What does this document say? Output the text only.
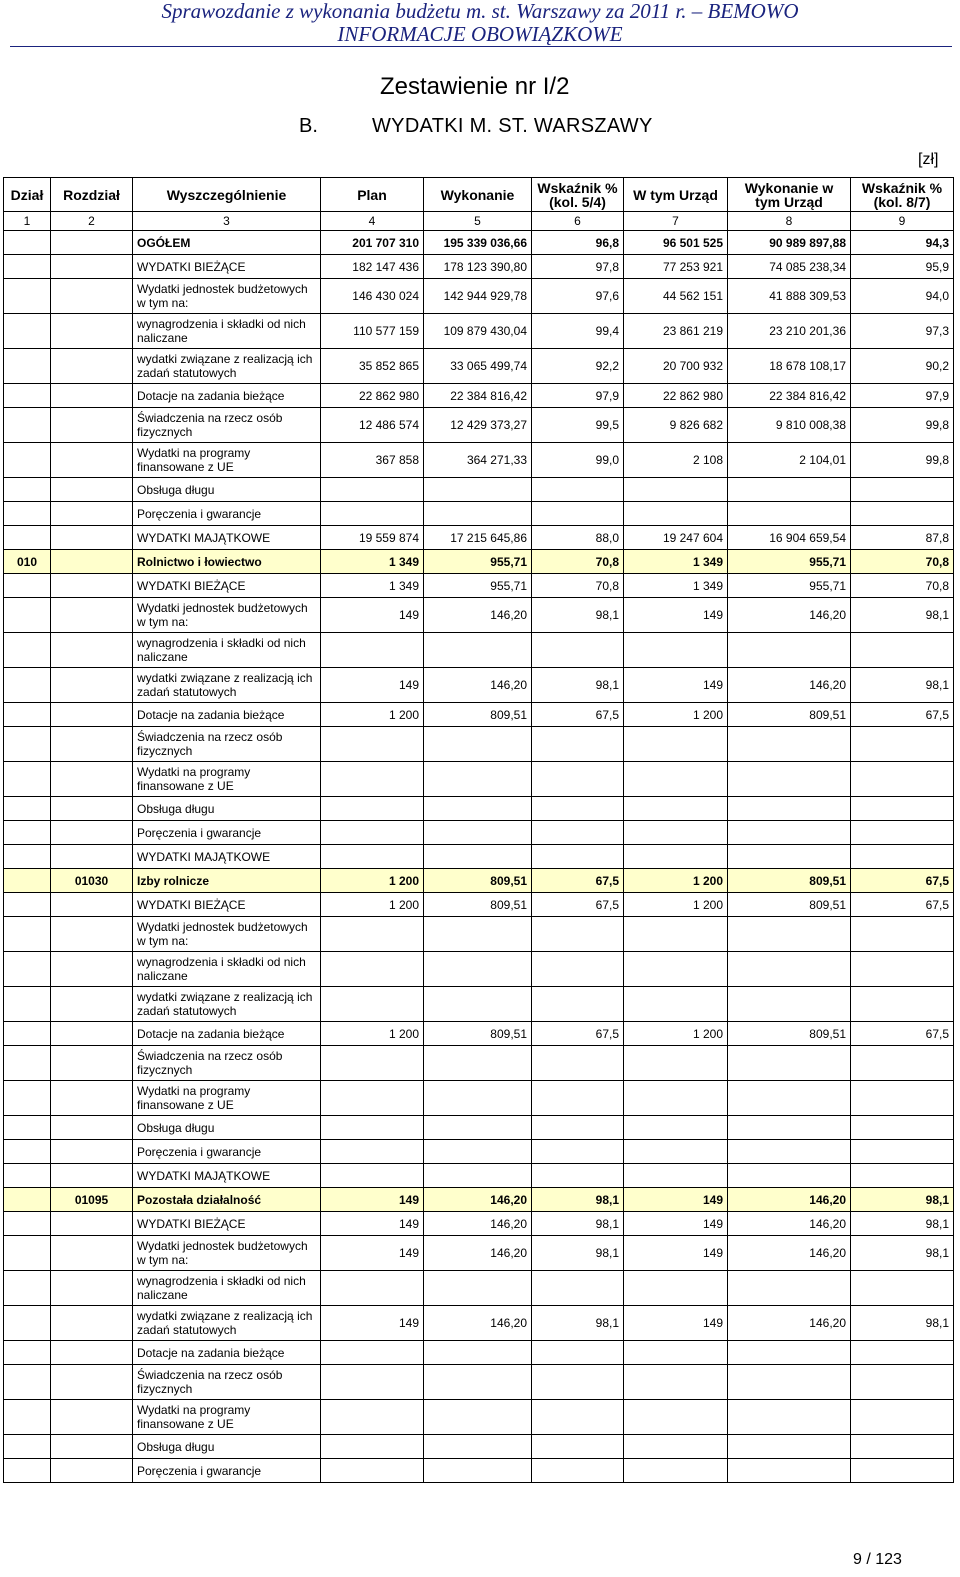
Sprawozdanie z wykonania budżetu m. st. Warszawy za 2011 r. – BEMOWO
INFORMACJE OBOWIĄZKOWE
Zestawienie nr I/2
B.	WYDATKI M. ST. WARSZAWY
[zł]
Dział	Rozdział	Wyszczególnienie	Plan	Wykonanie	Wskaźnik % (kol. 5/4)	W tym Urząd	Wykonanie w tym Urząd	Wskaźnik % (kol. 8/7)
1	2	3	4	5	6	7	8	9
		OGÓŁEM	201 707 310	195 339 036,66	96,8	96 501 525	90 989 897,88	94,3
		WYDATKI BIEŻĄCE	182 147 436	178 123 390,80	97,8	77 253 921	74 085 238,34	95,9
		Wydatki jednostek budżetowych w tym na:	146 430 024	142 944 929,78	97,6	44 562 151	41 888 309,53	94,0
		wynagrodzenia i składki od nich naliczane	110 577 159	109 879 430,04	99,4	23 861 219	23 210 201,36	97,3
		wydatki związane z realizacją ich zadań statutowych	35 852 865	33 065 499,74	92,2	20 700 932	18 678 108,17	90,2
		Dotacje na zadania bieżące	22 862 980	22 384 816,42	97,9	22 862 980	22 384 816,42	97,9
		Świadczenia na rzecz osób fizycznych	12 486 574	12 429 373,27	99,5	9 826 682	9 810 008,38	99,8
		Wydatki na programy finansowane z UE	367 858	364 271,33	99,0	2 108	2 104,01	99,8
		Obsługa długu						
		Poręczenia i gwarancje						
		WYDATKI MAJĄTKOWE	19 559 874	17 215 645,86	88,0	19 247 604	16 904 659,54	87,8
010		Rolnictwo i łowiectwo	1 349	955,71	70,8	1 349	955,71	70,8
		WYDATKI BIEŻĄCE	1 349	955,71	70,8	1 349	955,71	70,8
		Wydatki jednostek budżetowych w tym na:	149	146,20	98,1	149	146,20	98,1
		wynagrodzenia i składki od nich naliczane						
		wydatki związane z realizacją ich zadań statutowych	149	146,20	98,1	149	146,20	98,1
		Dotacje na zadania bieżące	1 200	809,51	67,5	1 200	809,51	67,5
		Świadczenia na rzecz osób fizycznych						
		Wydatki na programy finansowane z UE						
		Obsługa długu						
		Poręczenia i gwarancje						
		WYDATKI MAJĄTKOWE						
	01030	Izby rolnicze	1 200	809,51	67,5	1 200	809,51	67,5
		WYDATKI BIEŻĄCE	1 200	809,51	67,5	1 200	809,51	67,5
		Wydatki jednostek budżetowych w tym na:						
		wynagrodzenia i składki od nich naliczane						
		wydatki związane z realizacją ich zadań statutowych						
		Dotacje na zadania bieżące	1 200	809,51	67,5	1 200	809,51	67,5
		Świadczenia na rzecz osób fizycznych						
		Wydatki na programy finansowane z UE						
		Obsługa długu						
		Poręczenia i gwarancje						
		WYDATKI MAJĄTKOWE						
	01095	Pozostała działalność	149	146,20	98,1	149	146,20	98,1
		WYDATKI BIEŻĄCE	149	146,20	98,1	149	146,20	98,1
		Wydatki jednostek budżetowych w tym na:	149	146,20	98,1	149	146,20	98,1
		wynagrodzenia i składki od nich naliczane						
		wydatki związane z realizacją ich zadań statutowych	149	146,20	98,1	149	146,20	98,1
		Dotacje na zadania bieżące						
		Świadczenia na rzecz osób fizycznych						
		Wydatki na programy finansowane z UE						
		Obsługa długu						
		Poręczenia i gwarancje						
9 / 123
